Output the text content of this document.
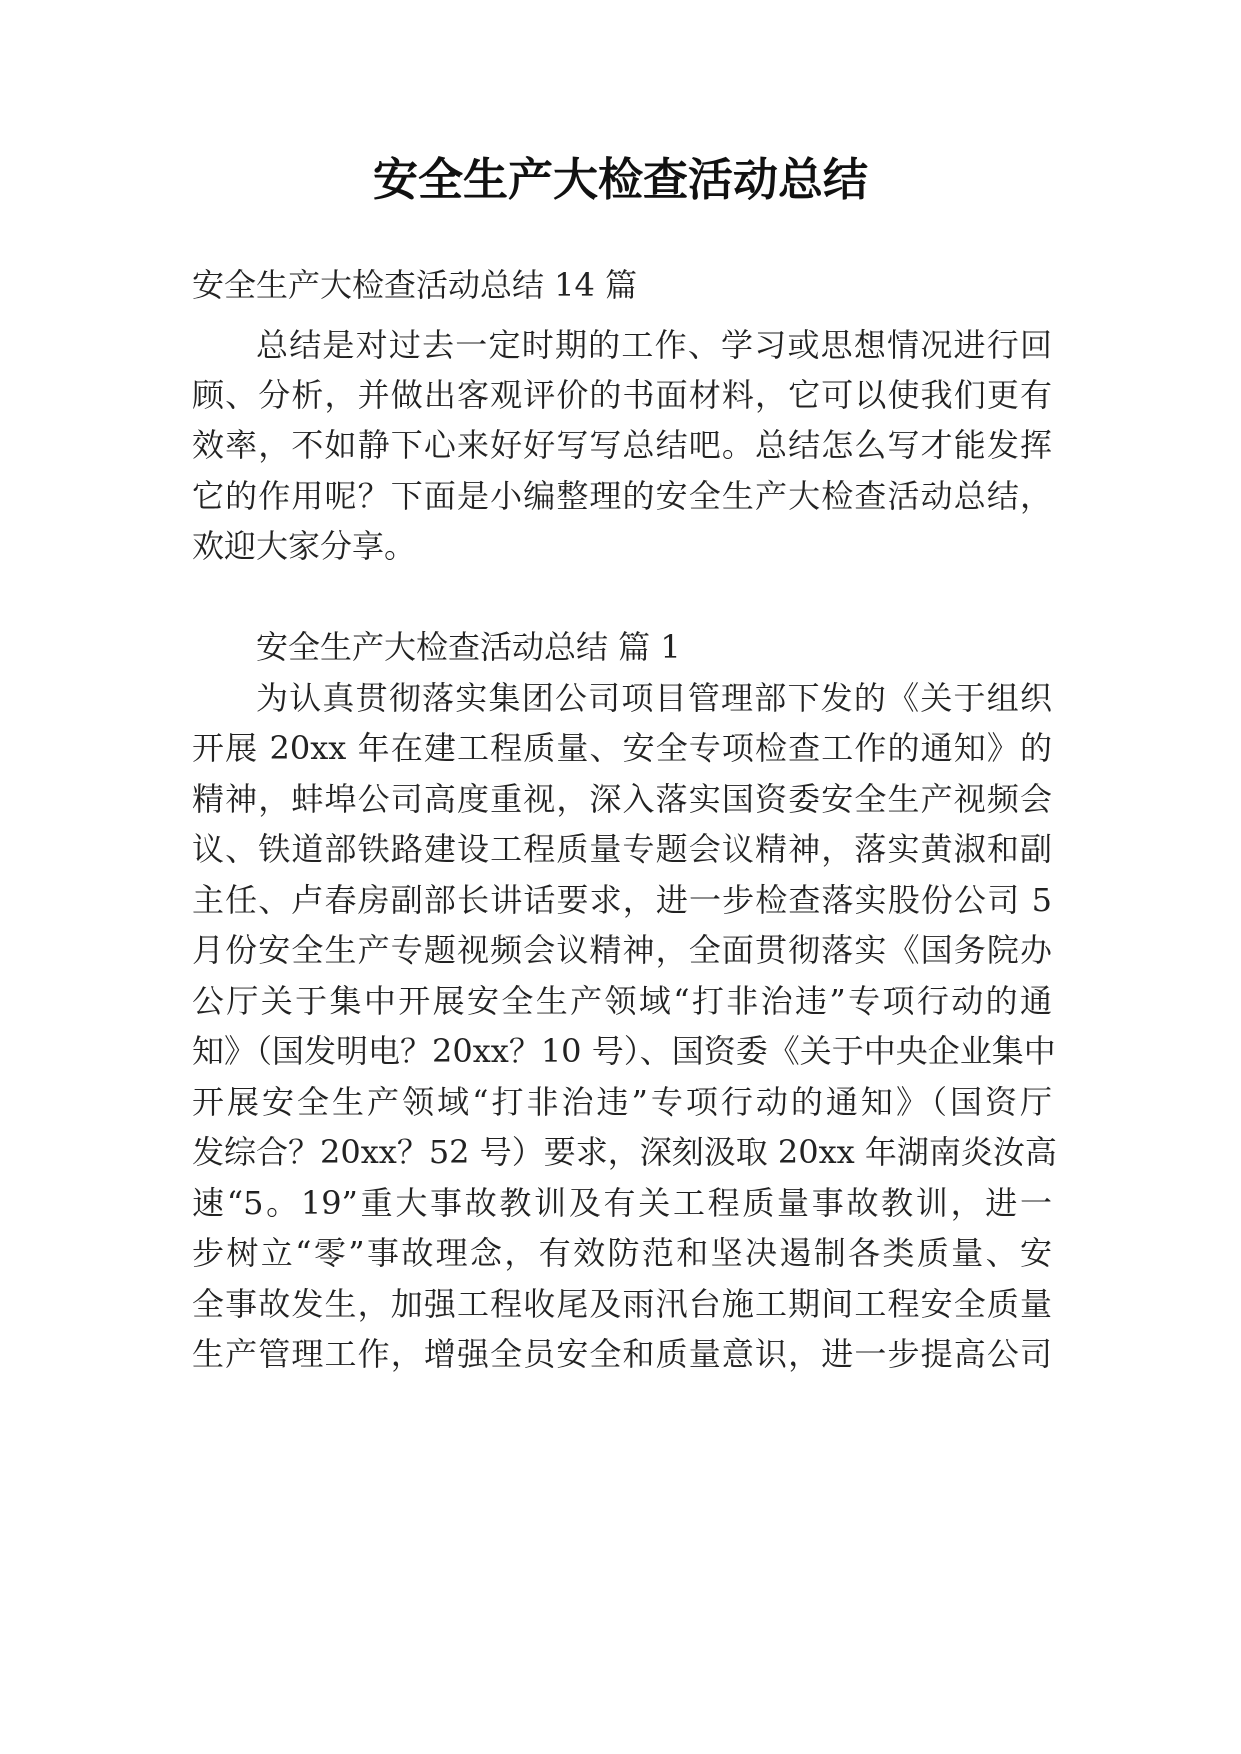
安全生产大检查活动总结
安全生产大检查活动总结 14 篇
总结是对过去一定时期的工作、学习或思想情况进行回
顾、分析，并做出客观评价的书面材料，它可以使我们更有
效率，不如静下心来好好写写总结吧。总结怎么写才能发挥
它的作用呢？下面是小编整理的安全生产大检查活动总结，
欢迎大家分享。
安全生产大检查活动总结 篇 1
为认真贯彻落实集团公司项目管理部下发的《关于组织
开展 20xx 年在建工程质量、安全专项检查工作的通知》的
精神，蚌埠公司高度重视，深入落实国资委安全生产视频会
议、铁道部铁路建设工程质量专题会议精神，落实黄淑和副
主任、卢春房副部长讲话要求，进一步检查落实股份公司 5
月份安全生产专题视频会议精神，全面贯彻落实《国务院办
公厅关于集中开展安全生产领域“打非治违”专项行动的通
知》（国发明电？20xx？10 号）、国资委《关于中央企业集中
开展安全生产领域“打非治违”专项行动的通知》（国资厅
发综合？20xx？52 号）要求，深刻汲取 20xx 年湖南炎汝高
速“5。19”重大事故教训及有关工程质量事故教训，进一
步树立“零”事故理念，有效防范和坚决遏制各类质量、安
全事故发生，加强工程收尾及雨汛台施工期间工程安全质量
生产管理工作，增强全员安全和质量意识，进一步提高公司
